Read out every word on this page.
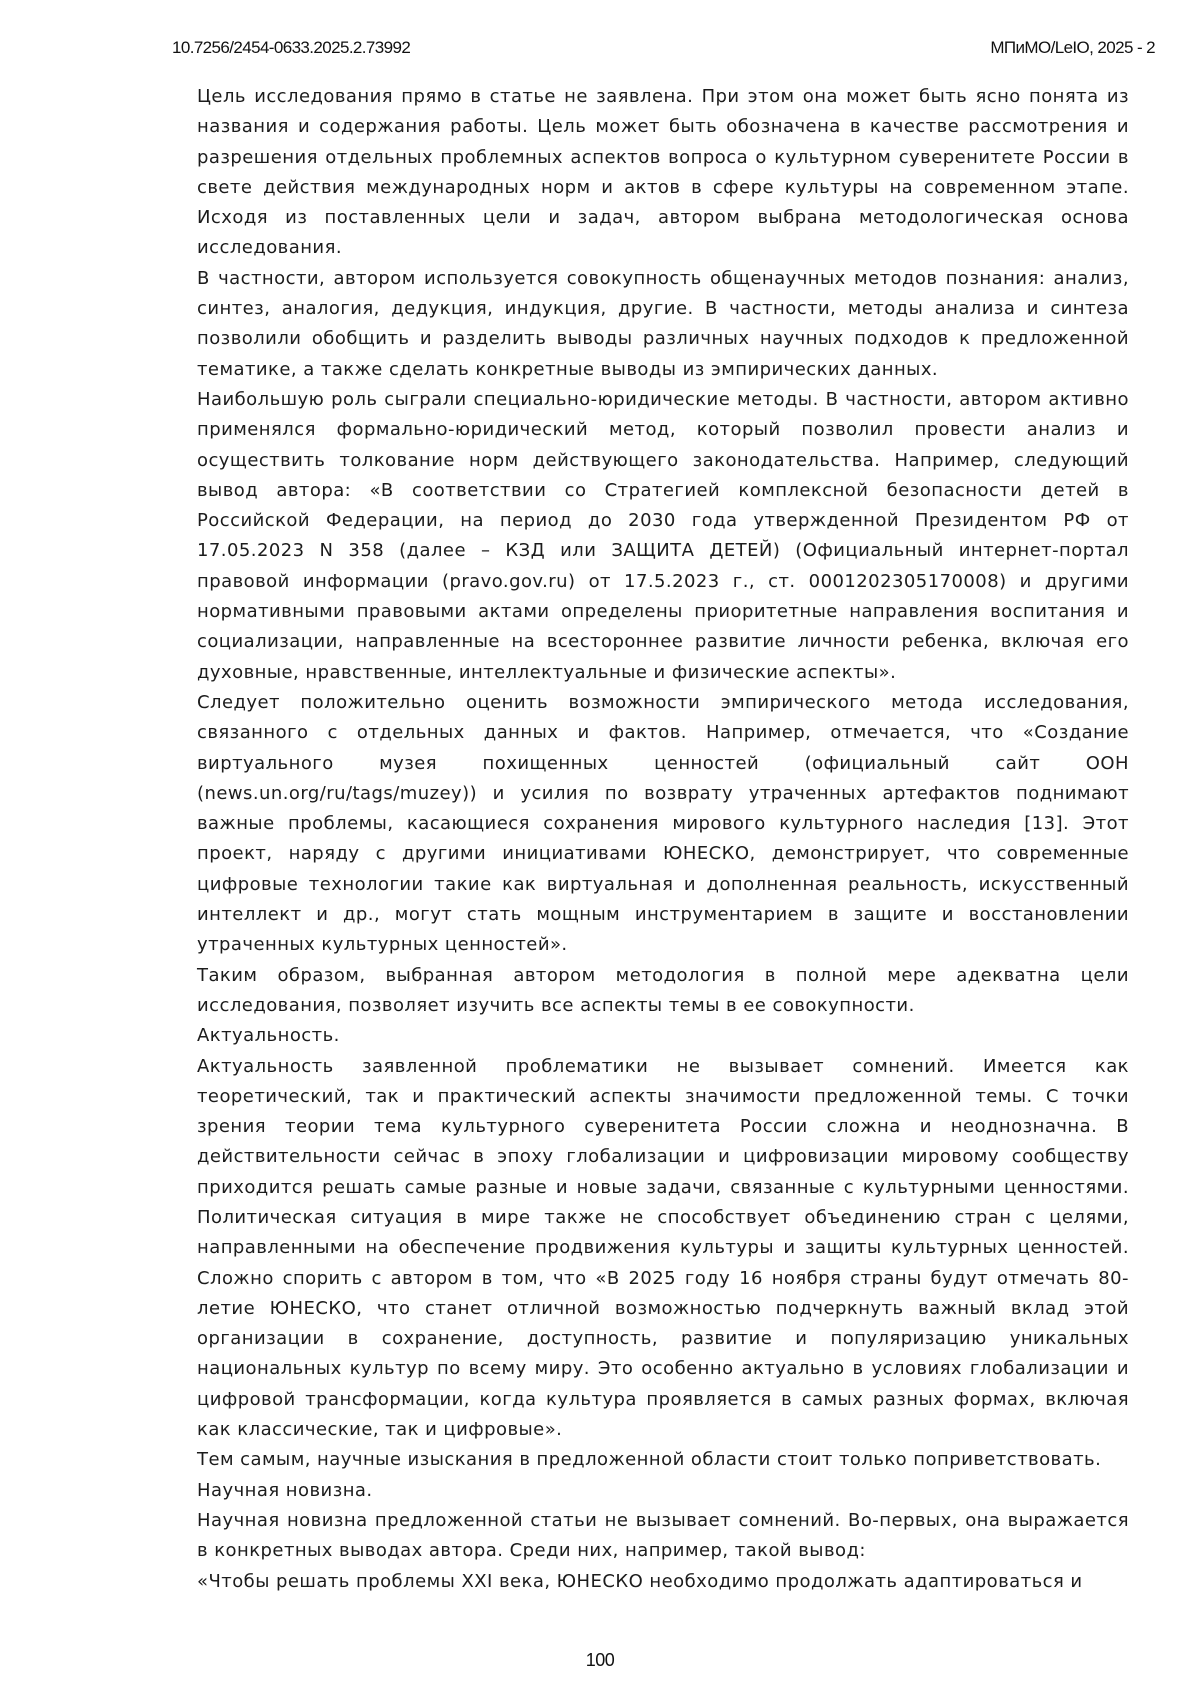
10.7256/2454-0633.2025.2.73992	МПиМО/LeIO, 2025 - 2

Цель исследования прямо в статье не заявлена. При этом она может быть ясно понята из названия и содержания работы. Цель может быть обозначена в качестве рассмотрения и разрешения отдельных проблемных аспектов вопроса о культурном суверенитете России в свете действия международных норм и актов в сфере культуры на современном этапе. Исходя из поставленных цели и задач, автором выбрана методологическая основа исследования.

В частности, автором используется совокупность общенаучных методов познания: анализ, синтез, аналогия, дедукция, индукция, другие. В частности, методы анализа и синтеза позволили обобщить и разделить выводы различных научных подходов к предложенной тематике, а также сделать конкретные выводы из эмпирических данных.

Наибольшую роль сыграли специально-юридические методы. В частности, автором активно применялся формально-юридический метод, который позволил провести анализ и осуществить толкование норм действующего законодательства. Например, следующий вывод автора: «В соответствии со Стратегией комплексной безопасности детей в Российской Федерации, на период до 2030 года утвержденной Президентом РФ от 17.05.2023 N 358 (далее – КЗД или ЗАЩИТА ДЕТЕЙ) (Официальный интернет-портал правовой информации (pravo.gov.ru) от 17.5.2023 г., ст. 0001202305170008) и другими нормативными правовыми актами определены приоритетные направления воспитания и социализации, направленные на всестороннее развитие личности ребенка, включая его духовные, нравственные, интеллектуальные и физические аспекты».

Следует положительно оценить возможности эмпирического метода исследования, связанного с отдельных данных и фактов. Например, отмечается, что «Создание виртуального музея похищенных ценностей (официальный сайт ООН (news.un.org/ru/tags/muzey)) и усилия по возврату утраченных артефактов поднимают важные проблемы, касающиеся сохранения мирового культурного наследия [13]. Этот проект, наряду с другими инициативами ЮНЕСКО, демонстрирует, что современные цифровые технологии такие как виртуальная и дополненная реальность, искусственный интеллект и др., могут стать мощным инструментарием в защите и восстановлении утраченных культурных ценностей».

Таким образом, выбранная автором методология в полной мере адекватна цели исследования, позволяет изучить все аспекты темы в ее совокупности.

Актуальность.

Актуальность заявленной проблематики не вызывает сомнений. Имеется как теоретический, так и практический аспекты значимости предложенной темы. С точки зрения теории тема культурного суверенитета России сложна и неоднозначна. В действительности сейчас в эпоху глобализации и цифровизации мировому сообществу приходится решать самые разные и новые задачи, связанные с культурными ценностями. Политическая ситуация в мире также не способствует объединению стран с целями, направленными на обеспечение продвижения культуры и защиты культурных ценностей. Сложно спорить с автором в том, что «В 2025 году 16 ноября страны будут отмечать 80-летие ЮНЕСКО, что станет отличной возможностью подчеркнуть важный вклад этой организации в сохранение, доступность, развитие и популяризацию уникальных национальных культур по всему миру. Это особенно актуально в условиях глобализации и цифровой трансформации, когда культура проявляется в самых разных формах, включая как классические, так и цифровые».

Тем самым, научные изыскания в предложенной области стоит только поприветствовать.

Научная новизна.

Научная новизна предложенной статьи не вызывает сомнений. Во-первых, она выражается в конкретных выводах автора. Среди них, например, такой вывод:

«Чтобы решать проблемы XXI века, ЮНЕСКО необходимо продолжать адаптироваться и

100
